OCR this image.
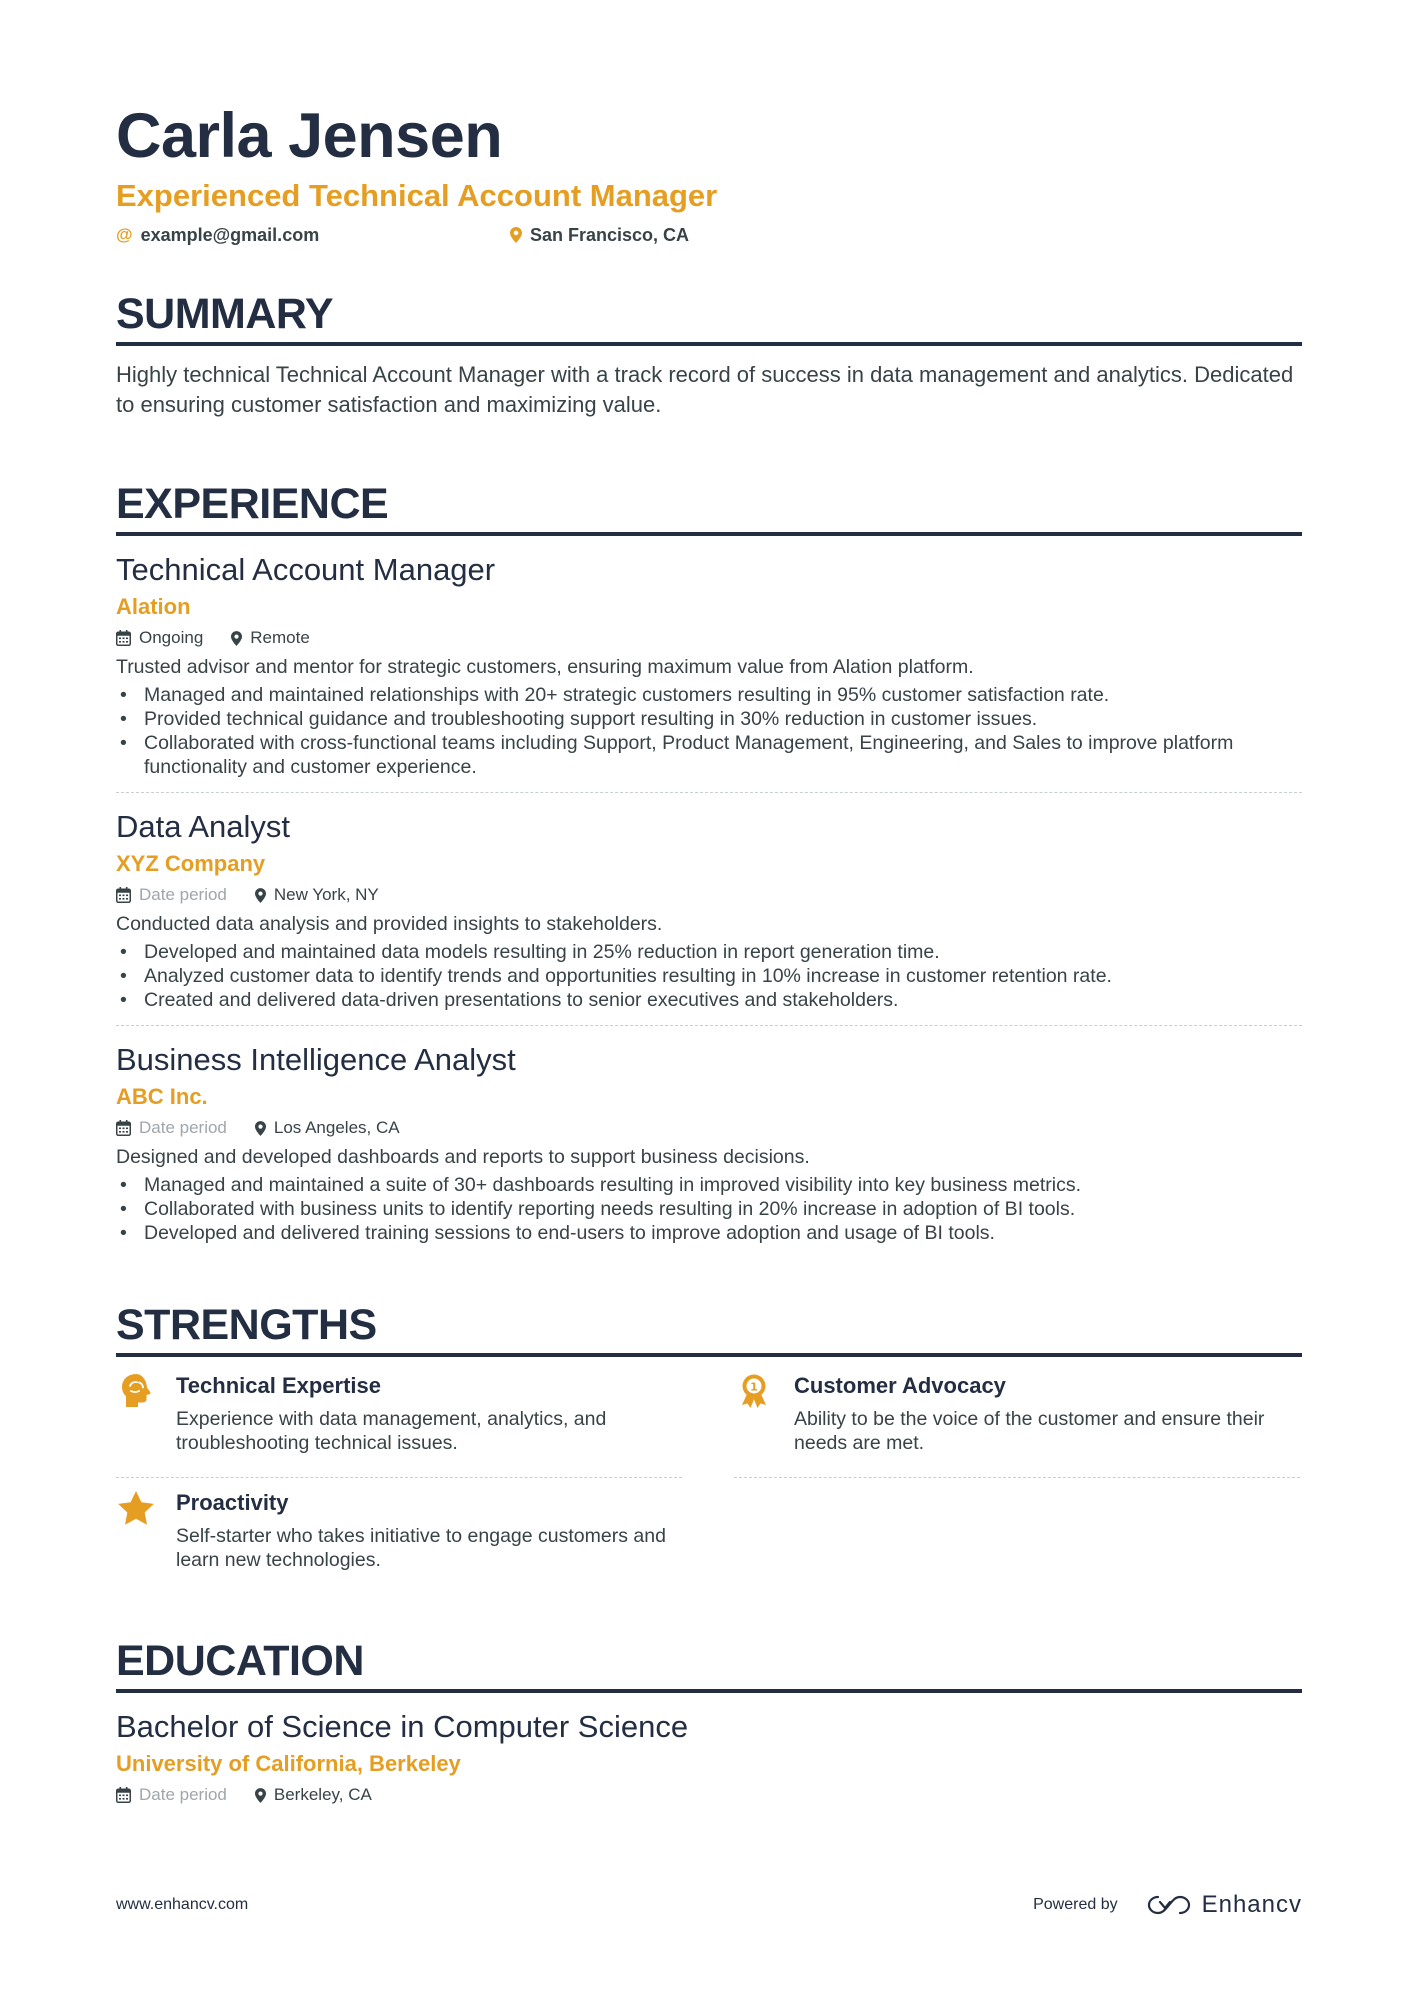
Carla Jensen
Experienced Technical Account Manager
@ example@gmail.com	San Francisco, CA
SUMMARY
Highly technical Technical Account Manager with a track record of success in data management and analytics. Dedicated to ensuring customer satisfaction and maximizing value.
EXPERIENCE
Technical Account Manager
Alation
Ongoing	Remote
Trusted advisor and mentor for strategic customers, ensuring maximum value from Alation platform.
• Managed and maintained relationships with 20+ strategic customers resulting in 95% customer satisfaction rate.
• Provided technical guidance and troubleshooting support resulting in 30% reduction in customer issues.
• Collaborated with cross-functional teams including Support, Product Management, Engineering, and Sales to improve platform functionality and customer experience.
Data Analyst
XYZ Company
Date period	New York, NY
Conducted data analysis and provided insights to stakeholders.
• Developed and maintained data models resulting in 25% reduction in report generation time.
• Analyzed customer data to identify trends and opportunities resulting in 10% increase in customer retention rate.
• Created and delivered data-driven presentations to senior executives and stakeholders.
Business Intelligence Analyst
ABC Inc.
Date period	Los Angeles, CA
Designed and developed dashboards and reports to support business decisions.
• Managed and maintained a suite of 30+ dashboards resulting in improved visibility into key business metrics.
• Collaborated with business units to identify reporting needs resulting in 20% increase in adoption of BI tools.
• Developed and delivered training sessions to end-users to improve adoption and usage of BI tools.
STRENGTHS
Technical Expertise
Experience with data management, analytics, and troubleshooting technical issues.
1 Customer Advocacy
Ability to be the voice of the customer and ensure their needs are met.
Proactivity
Self-starter who takes initiative to engage customers and learn new technologies.
EDUCATION
Bachelor of Science in Computer Science
University of California, Berkeley
Date period	Berkeley, CA
www.enhancv.com	Powered by	Enhancv
